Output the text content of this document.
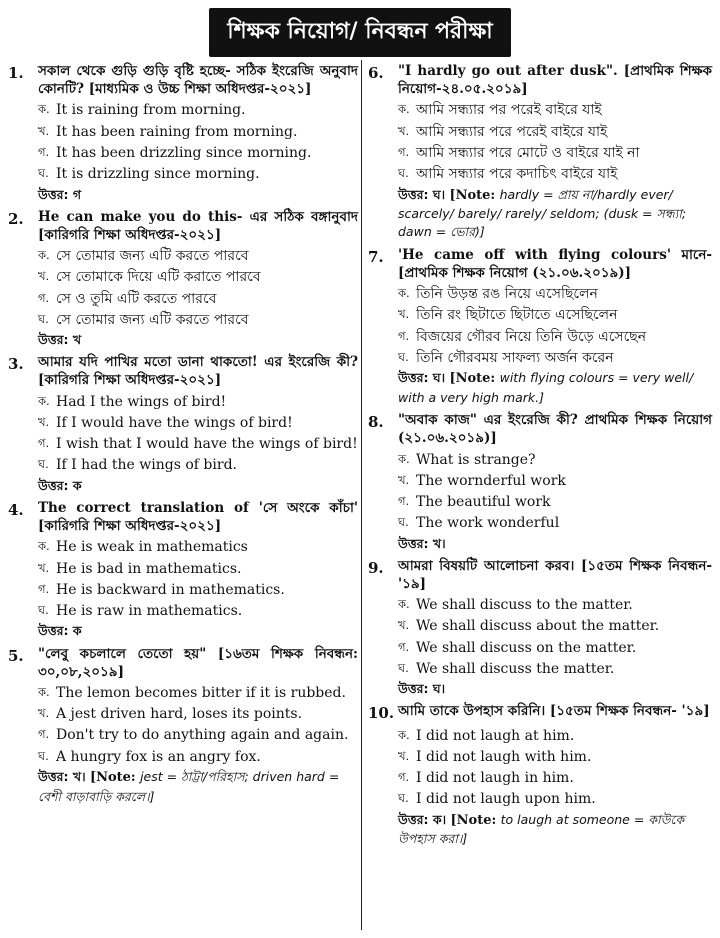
শিক্ষক নিয়োগ/ নিবন্ধন পরীক্ষা
1.	সকাল থেকে গুড়ি গুড়ি বৃষ্টি হচ্ছে- সঠিক ইংরেজি অনুবাদ কোনটি? [মাধ্যমিক ও উচ্চ শিক্ষা অধিদপ্তর-২০২১]
ক. It is raining from morning.
খ. It has been raining from morning.
গ. It has been drizzling since morning.
ঘ. It is drizzling since morning.
উত্তর: গ
2.	He can make you do this- এর সঠিক বঙ্গানুবাদ [কারিগরি শিক্ষা অধিদপ্তর-২০২১]
ক. সে তোমার জন্য এটি করতে পারবে
খ. সে তোমাকে দিয়ে এটি করাতে পারবে
গ. সে ও তুমি এটি করতে পারবে
ঘ. সে তোমার জন্য এটি করতে পারবে
উত্তর: খ
3.	আমার যদি পাখির মতো ডানা থাকতো! এর ইংরেজি কী? [কারিগরি শিক্ষা অধিদপ্তর-২০২১]
ক. Had I the wings of bird!
খ. If I would have the wings of bird!
গ. I wish that I would have the wings of bird!
ঘ. If I had the wings of bird.
উত্তর: ক
4.	The correct translation of 'সে অংকে কাঁচা' [কারিগরি শিক্ষা অধিদপ্তর-২০২১]
ক. He is weak in mathematics
খ. He is bad in mathematics.
গ. He is backward in mathematics.
ঘ. He is raw in mathematics.
উত্তর: ক
5.	"লেবু কচলালে তেতো হয়" [১৬তম শিক্ষক নিবন্ধন: ৩০,০৮,২০১৯]
ক. The lemon becomes bitter if it is rubbed.
খ. A jest driven hard, loses its points.
গ. Don't try to do anything again and again.
ঘ. A hungry fox is an angry fox.
উত্তর: খ। [Note: jest = ঠাট্টা/পরিহাস; driven hard = বেশী বাড়াবাড়ি করলে।]
6.	"I hardly go out after dusk". [প্রাথমিক শিক্ষক নিয়োগ-২৪.০৫.২০১৯]
ক. আমি সন্ধ্যার পর পরেই বাইরে যাই
খ. আমি সন্ধ্যার পরে পরেই বাইরে যাই
গ. আমি সন্ধ্যার পরে মোটে ও বাইরে যাই না
ঘ. আমি সন্ধ্যার পরে কদাচিৎ বাইরে যাই
উত্তর: ঘ। [Note: hardly = প্রায় না/hardly ever/ scarcely/ barely/ rarely/ seldom; (dusk = সন্ধ্যা; dawn = ভোর)]
7.	'He came off with flying colours' মানে- [প্রাথমিক শিক্ষক নিয়োগ (২১.০৬.২০১৯)]
ক. তিনি উড়ন্ত রঙ নিয়ে এসেছিলেন
খ. তিনি রং ছিটাতে ছিটাতে এসেছিলেন
গ. বিজয়ের গৌরব নিয়ে তিনি উড়ে এসেছেন
ঘ. তিনি গৌরবময় সাফল্য অর্জন করেন
উত্তর: ঘ। [Note: with flying colours = very well/ with a very high mark.]
8.	"অবাক কাজ" এর ইংরেজি কী? প্রাথমিক শিক্ষক নিয়োগ (২১.০৬.২০১৯)]
ক. What is strange?
খ. The wornderful work
গ. The beautiful work
ঘ. The work wonderful
উত্তর: খ।
9.	আমরা বিষয়টি আলোচনা করব। [১৫তম শিক্ষক নিবন্ধন-'১৯]
ক. We shall discuss to the matter.
খ. We shall discuss about the matter.
গ. We shall discuss on the matter.
ঘ. We shall discuss the matter.
উত্তর: ঘ।
10. আমি তাকে উপহাস করিনি। [১৫তম শিক্ষক নিবন্ধন- '১৯]
ক. I did not laugh at him.
খ. I did not laugh with him.
গ. I did not laugh in him.
ঘ. I did not laugh upon him.
উত্তর: ক। [Note: to laugh at someone = কাউকে উপহাস করা।]
